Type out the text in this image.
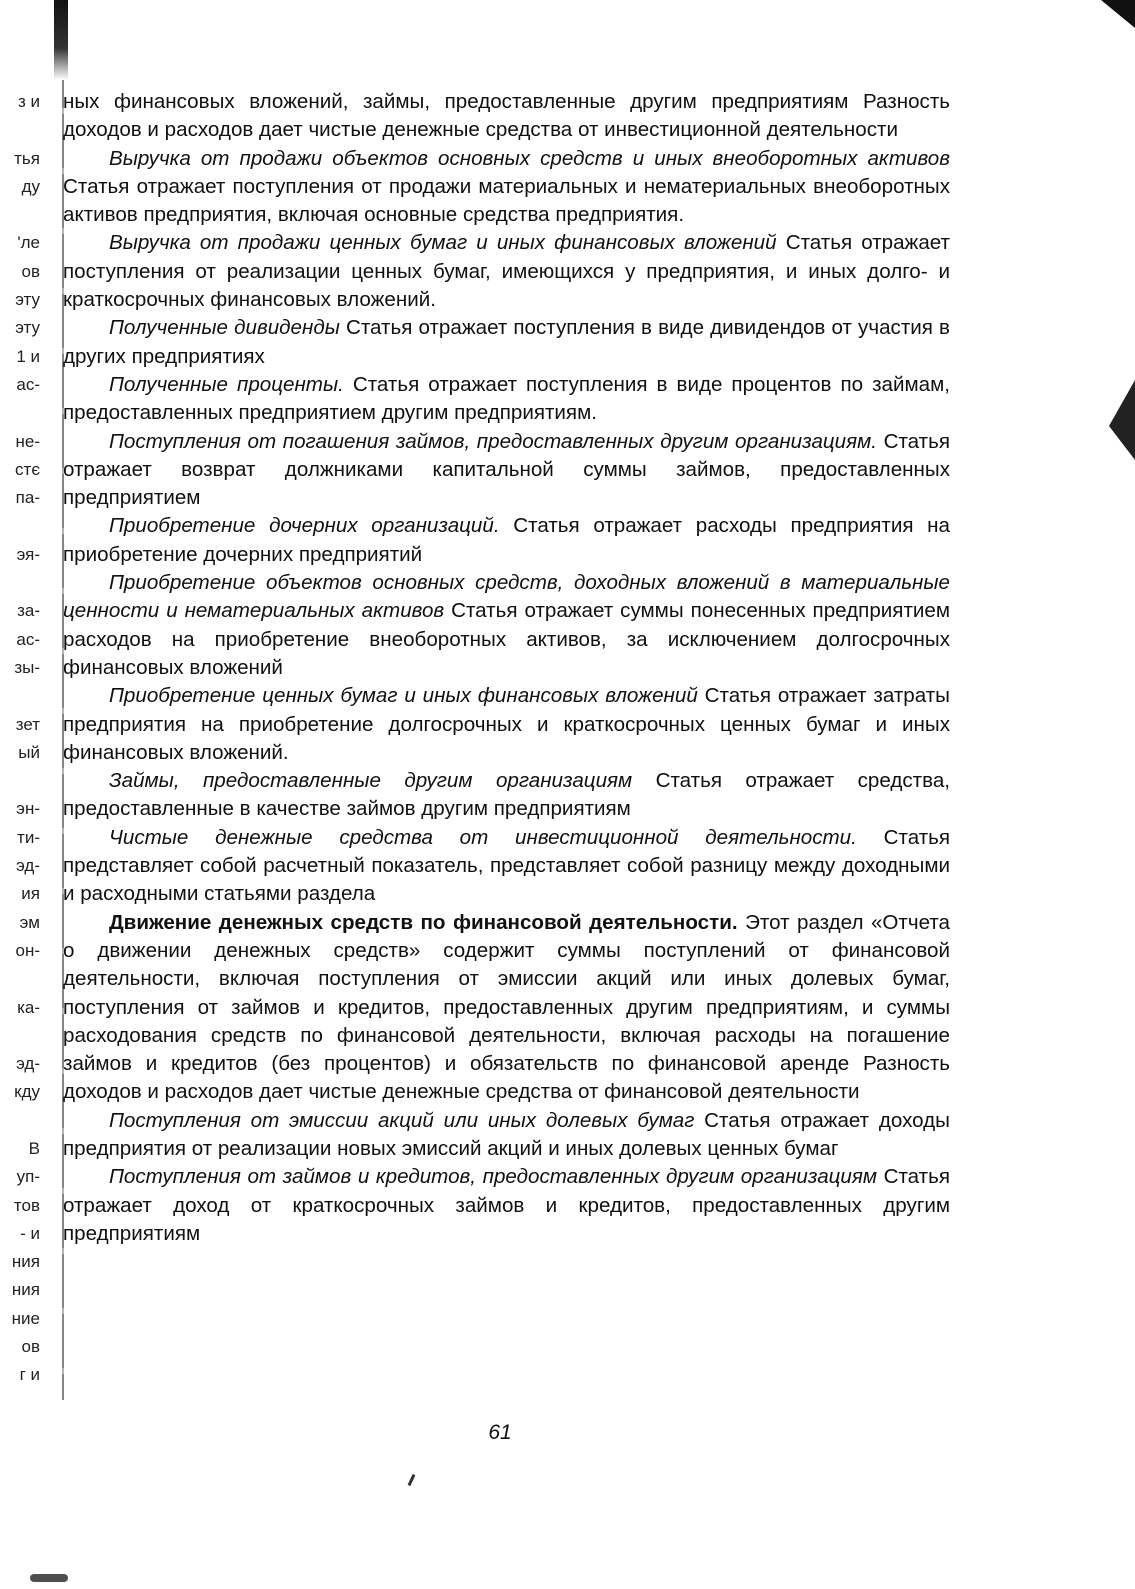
з и
тья
ду
'ле
ов
эту
эту
1 и
ас-
не-
стє
па-
эя-
за-
ас-
зы-
зет
ый
эн-
ти-
эд-
ия
эм
он-
ка-
эд-
кду
В
уп-
тов
- и
ния
ния
ние
ов
г и

ных финансовых вложений, займы, предоставленные другим предприятиям Разность доходов и расходов дает чистые денежные средства от инвестиционной деятельности

Выручка от продажи объектов основных средств и иных внеоборотных активов Статья отражает поступления от продажи материальных и нематериальных внеоборотных активов предприятия, включая основные средства предприятия.

Выручка от продажи ценных бумаг и иных финансовых вложений Статья отражает поступления от реализации ценных бумаг, имеющихся у предприятия, и иных долго- и краткосрочных финансовых вложений.

Полученные дивиденды Статья отражает поступления в виде дивидендов от участия в других предприятиях

Полученные проценты. Статья отражает поступления в виде процентов по займам, предоставленных предприятием другим предприятиям.

Поступления от погашения займов, предоставленных другим организациям. Статья отражает возврат должниками капитальной суммы займов, предоставленных предприятием

Приобретение дочерних организаций. Статья отражает расходы предприятия на приобретение дочерних предприятий

Приобретение объектов основных средств, доходных вложений в материальные ценности и нематериальных активов Статья отражает суммы понесенных предприятием расходов на приобретение внеоборотных активов, за исключением долгосрочных финансовых вложений

Приобретение ценных бумаг и иных финансовых вложений Статья отражает затраты предприятия на приобретение долгосрочных и краткосрочных ценных бумаг и иных финансовых вложений.

Займы, предоставленные другим организациям Статья отражает средства, предоставленные в качестве займов другим предприятиям

Чистые денежные средства от инвестиционной деятельности. Статья представляет собой расчетный показатель, представляет собой разницу между доходными и расходными статьями раздела

Движение денежных средств по финансовой деятельности. Этот раздел «Отчета о движении денежных средств» содержит суммы поступлений от финансовой деятельности, включая поступления от эмиссии акций или иных долевых бумаг, поступления от займов и кредитов, предоставленных другим предприятиям, и суммы расходования средств по финансовой деятельности, включая расходы на погашение займов и кредитов (без процентов) и обязательств по финансовой аренде Разность доходов и расходов дает чистые денежные средства от финансовой деятельности

Поступления от эмиссии акций или иных долевых бумаг Статья отражает доходы предприятия от реализации новых эмиссий акций и иных долевых ценных бумаг

Поступления от займов и кредитов, предоставленных другим организациям Статья отражает доход от краткосрочных займов и кредитов, предоставленных другим предприятиям

61
